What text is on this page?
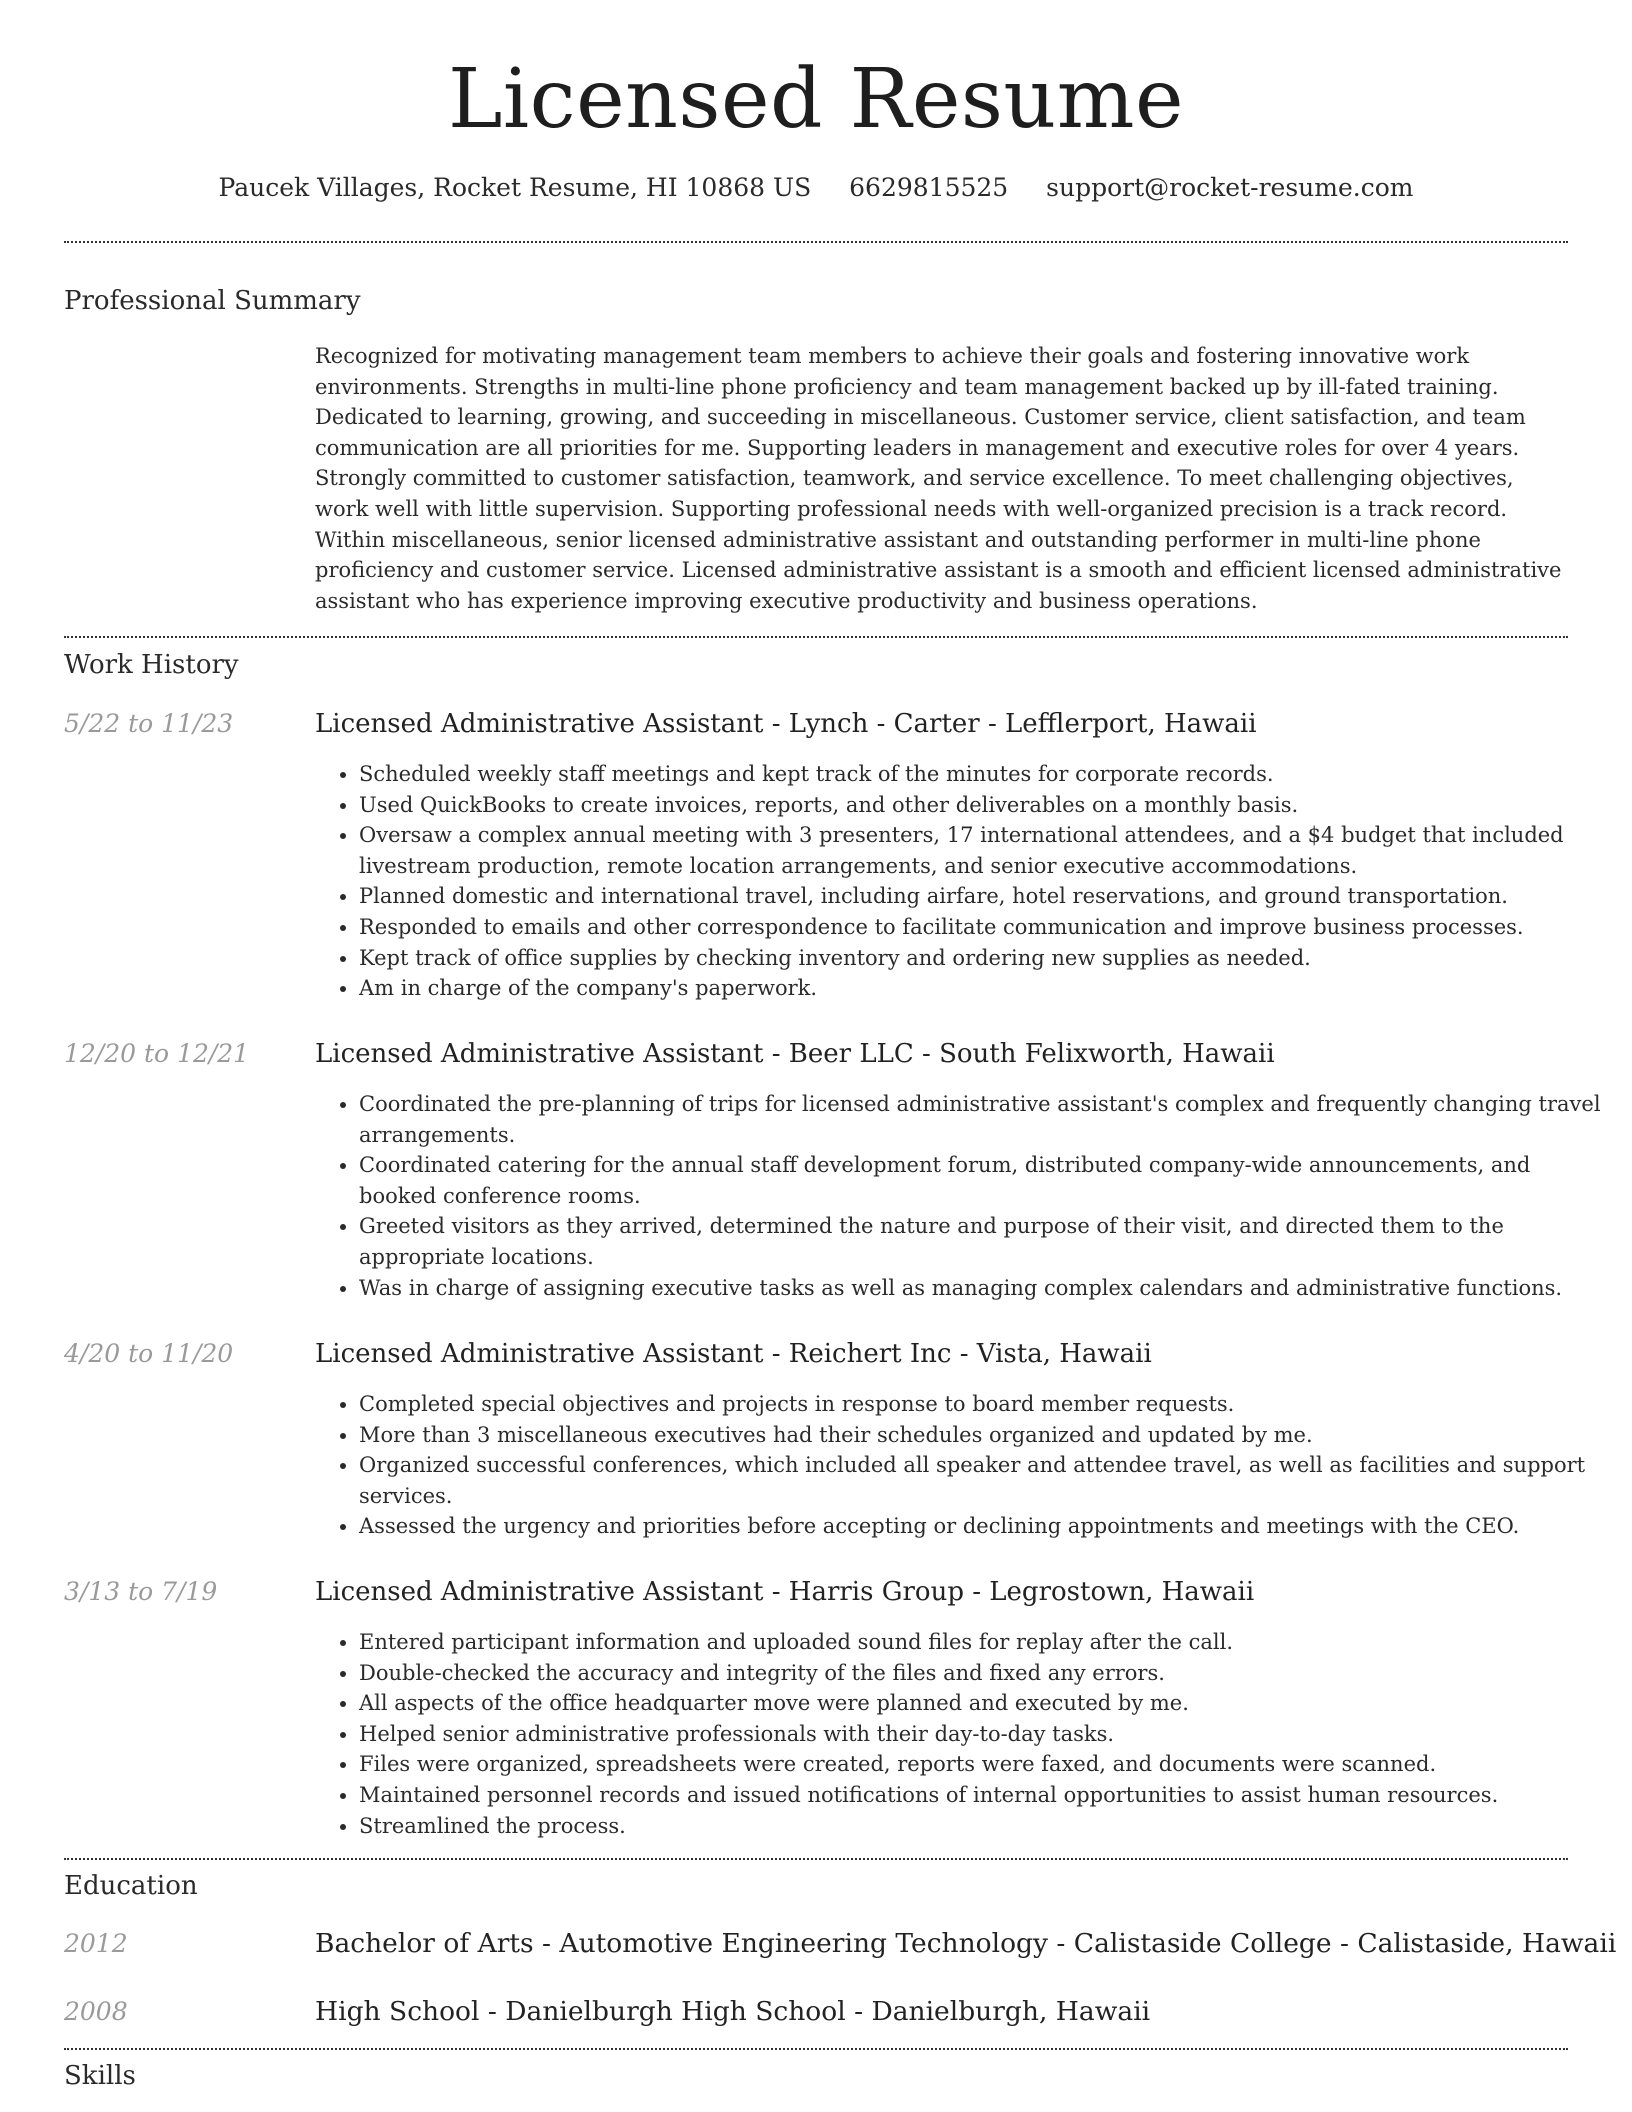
Licensed Resume
Paucek Villages, Rocket Resume, HI 10868 US 6629815525 support@rocket-resume.com
Professional Summary

Recognized for motivating management team members to achieve their goals and fostering innovative work environments. Strengths in multi-line phone proficiency and team management backed up by ill-fated training. Dedicated to learning, growing, and succeeding in miscellaneous. Customer service, client satisfaction, and team communication are all priorities for me. Supporting leaders in management and executive roles for over 4 years. Strongly committed to customer satisfaction, teamwork, and service excellence. To meet challenging objectives, work well with little supervision. Supporting professional needs with well-organized precision is a track record. Within miscellaneous, senior licensed administrative assistant and outstanding performer in multi-line phone proficiency and customer service. Licensed administrative assistant is a smooth and efficient licensed administrative assistant who has experience improving executive productivity and business operations.

Work History
5/22 to 11/23	Licensed Administrative Assistant - Lynch - Carter - Lefflerport, Hawaii
• Scheduled weekly staff meetings and kept track of the minutes for corporate records.
• Used QuickBooks to create invoices, reports, and other deliverables on a monthly basis.
• Oversaw a complex annual meeting with 3 presenters, 17 international attendees, and a $4 budget that included livestream production, remote location arrangements, and senior executive accommodations.
• Planned domestic and international travel, including airfare, hotel reservations, and ground transportation.
• Responded to emails and other correspondence to facilitate communication and improve business processes.
• Kept track of office supplies by checking inventory and ordering new supplies as needed.
• Am in charge of the company's paperwork.
12/20 to 12/21	Licensed Administrative Assistant - Beer LLC - South Felixworth, Hawaii
• Coordinated the pre-planning of trips for licensed administrative assistant's complex and frequently changing travel arrangements.
• Coordinated catering for the annual staff development forum, distributed company-wide announcements, and booked conference rooms.
• Greeted visitors as they arrived, determined the nature and purpose of their visit, and directed them to the appropriate locations.
• Was in charge of assigning executive tasks as well as managing complex calendars and administrative functions.
4/20 to 11/20	Licensed Administrative Assistant - Reichert Inc - Vista, Hawaii
• Completed special objectives and projects in response to board member requests.
• More than 3 miscellaneous executives had their schedules organized and updated by me.
• Organized successful conferences, which included all speaker and attendee travel, as well as facilities and support services.
• Assessed the urgency and priorities before accepting or declining appointments and meetings with the CEO.
3/13 to 7/19	Licensed Administrative Assistant - Harris Group - Legrostown, Hawaii
• Entered participant information and uploaded sound files for replay after the call.
• Double-checked the accuracy and integrity of the files and fixed any errors.
• All aspects of the office headquarter move were planned and executed by me.
• Helped senior administrative professionals with their day-to-day tasks.
• Files were organized, spreadsheets were created, reports were faxed, and documents were scanned.
• Maintained personnel records and issued notifications of internal opportunities to assist human resources.
• Streamlined the process.
Education
2012	Bachelor of Arts - Automotive Engineering Technology - Calistaside College - Calistaside, Hawaii
2008	High School - Danielburgh High School - Danielburgh, Hawaii
Skills
